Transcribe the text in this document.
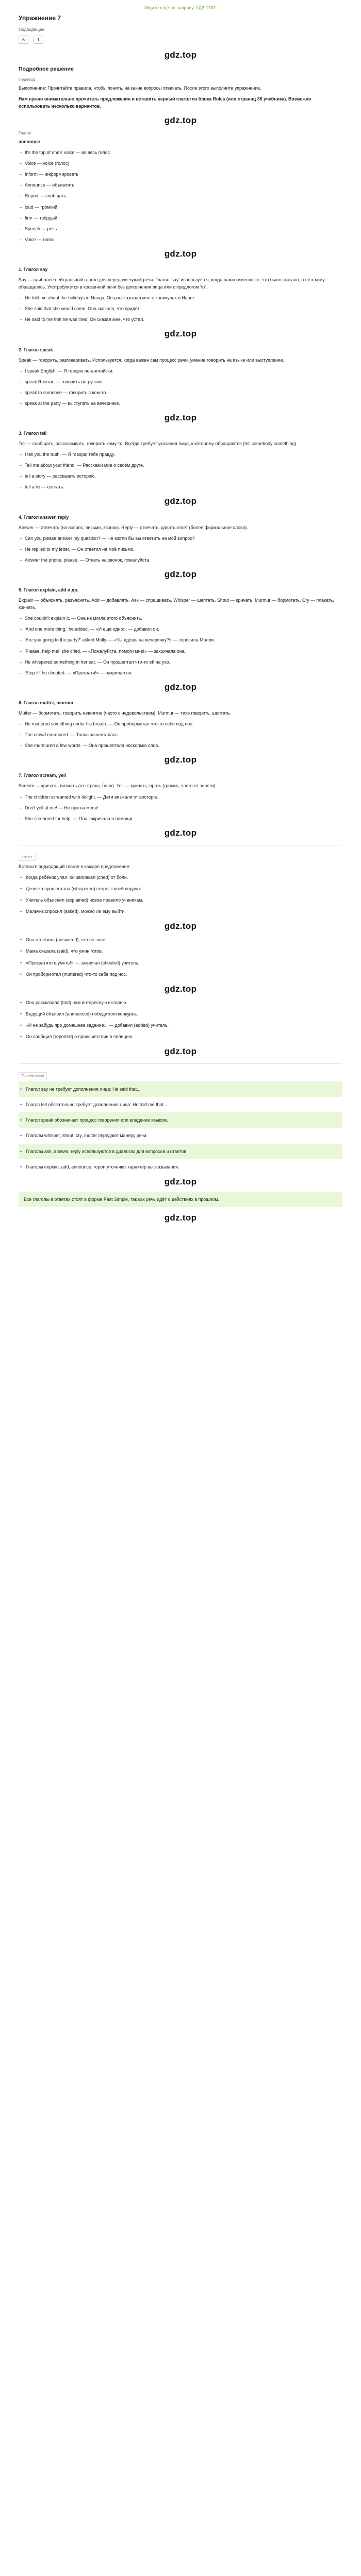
Ищите ещё по запросу: ГДЗ ТОП!
Упражнение 7
Подводящее
5	1
gdz.top
Подробное решение
Перевод

Выполнение: Прочитайте правила, чтобы понять, на какие вопросы отвечать. После этого выполните упражнение.

Нам нужно внимательно прочитать предложения и вставить верный глагол из блока Rules (или страниц 36 учебника). Возможно использовать несколько вариантов.

gdz.top
Глагол

announce

– It's the top of one's voice — во весь голос
– Voice — voice (голос)
– Inform — информировать
– Announce — объявлять
– Report — сообщать
– loud — громкий
– firm — твёрдый
– Speech — речь
– Voice — голос
gdz.top
1. Глагол say

Say — наиболее нейтральный глагол для передачи чужой речи. Глагол 'say' используется, когда важно именно то, что было сказано, а не к кому обращались. Употребляется в косвенной речи без дополнения лица или с предлогом 'to'.

– He told me about the holidays in Nanga. Он рассказывал мне о каникулах в Нанге.
– She said that she would come. Она сказала, что придёт.
– He said to me that he was tired. Он сказал мне, что устал.
gdz.top
2. Глагол speak

Speak — говорить, разговаривать. Используется, когда важен сам процесс речи, умение говорить на языке или выступление.

– I speak English. — Я говорю по-английски.
– speak Russian — говорить по-русски.
– speak to someone — говорить с кем-то.
– speak at the party — выступать на вечеринке.
gdz.top
3. Глагол tell

Tell — сообщать, рассказывать, говорить кому-то. Всегда требует указания лица, к которому обращаются (tell somebody something).

– I tell you the truth. — Я говорю тебе правду.
– Tell me about your friend. — Расскажи мне о своём друге.
– tell a story — рассказать историю.
– tell a lie — солгать.
gdz.top
4. Глагол answer, reply

Answer — отвечать (на вопрос, письмо, звонок). Reply — отвечать, давать ответ (более формальное слово).

– Can you please answer my question? — Не могли бы вы ответить на мой вопрос?
– He replied to my letter. — Он ответил на моё письмо.
– Answer the phone, please. — Ответь на звонок, пожалуйста.
gdz.top
5. Глагол explain, add и др.

Explain — объяснять, разъяснять. Add — добавлять. Ask — спрашивать. Whisper — шептать. Shout — кричать. Murmur — бормотать. Cry — плакать, кричать.

– She couldn't explain it. — Она не могла этого объяснить.
– 'And one more thing,' he added. — «И ещё одно», — добавил он.
– 'Are you going to the party?' asked Molly. — «Ты идёшь на вечеринку?» — спросила Молли.
– 'Please, help me!' she cried. — «Пожалуйста, помоги мне!» — закричала она.
– He whispered something in her ear. — Он прошептал что-то ей на ухо.
– 'Stop it!' he shouted. — «Прекрати!» — закричал он.
gdz.top
6. Глагол mutter, murmur

Mutter — бормотать, говорить невнятно (часто с недовольством). Murmur — тихо говорить, шептать.

– He muttered something under his breath. — Он пробормотал что-то себе под нос.
– The crowd murmured. — Толпа зашепталась.
– She murmured a few words. — Она прошептала несколько слов.
gdz.top
7. Глагол scream, yell

Scream — кричать, визжать (от страха, боли). Yell — кричать, орать (громко, часто от злости).

– The children screamed with delight. — Дети визжали от восторга.
– Don't yell at me! — Не ори на меня!
– She screamed for help. — Она закричала о помощи.
gdz.top
Ответ

Вставьте подходящий глагол в каждое предложение:

• Когда ребёнок упал, он заплакал (cried) от боли.
• Девочка прошептала (whispered) секрет своей подруге.
• Учитель объяснил (explained) новое правило ученикам.
• Мальчик спросил (asked), можно ли ему выйти.
gdz.top
• Она ответила (answered), что не знает.
• Мама сказала (said), что ужин готов.
• «Прекратите шуметь!» — закричал (shouted) учитель.
• Он пробормотал (muttered) что-то себе под нос.
gdz.top
• Она рассказала (told) нам интересную историю.
• Ведущий объявил (announced) победителя конкурса.
• «И не забудь про домашнее задание», — добавил (added) учитель.
• Он сообщил (reported) о происшествии в полицию.
gdz.top
Примечание
• Глагол say не требует дополнения лица: He said that...
• Глагол tell обязательно требует дополнения лица: He told me that...
• Глагол speak обозначает процесс говорения или владение языком.
• Глаголы whisper, shout, cry, mutter передают манеру речи.
• Глаголы ask, answer, reply используются в диалогах для вопросов и ответов.
• Глаголы explain, add, announce, report уточняют характер высказывания.
gdz.top

Все глаголы в ответах стоят в форме Past Simple, так как речь идёт о действиях в прошлом.

gdz.top
